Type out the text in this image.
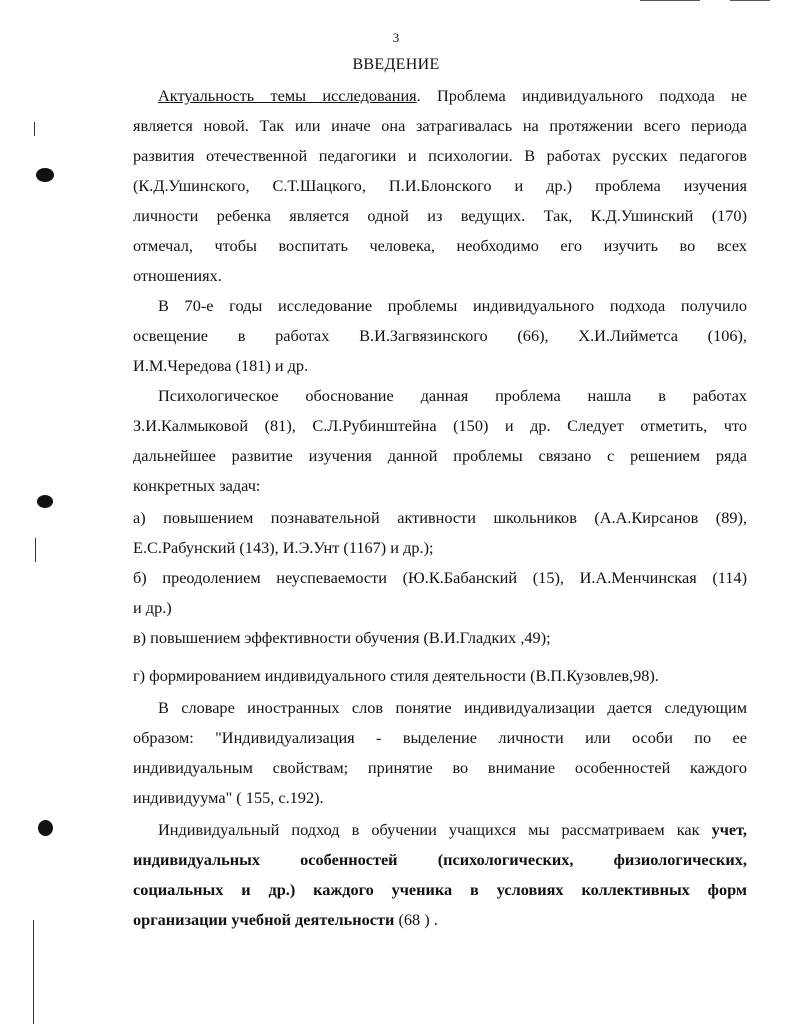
3
ВВЕДЕНИЕ
Актуальность темы исследования. Проблема индивидуального подхода не
является новой. Так или иначе она затрагивалась на протяжении всего периода
развития отечественной педагогики и психологии. В работах русских педагогов
(К.Д.Ушинского, С.Т.Шацкого, П.И.Блонского и др.) проблема изучения
личности ребенка является одной из ведущих. Так, К.Д.Ушинский (170)
отмечал, чтобы воспитать человека, необходимо его изучить во всех
отношениях.
В 70-е годы исследование проблемы индивидуального подхода получило
освещение в работах В.И.Загвязинского (66), Х.И.Лийметса (106),
И.М.Чередова (181) и др.
Психологическое обоснование данная проблема нашла в работах
З.И.Калмыковой (81), С.Л.Рубинштейна (150) и др. Следует отметить, что
дальнейшее развитие изучения данной проблемы связано с решением ряда
конкретных задач:
а) повышением познавательной активности школьников (А.А.Кирсанов (89),
Е.С.Рабунский (143), И.Э.Унт (1167) и др.);
б) преодолением неуспеваемости (Ю.К.Бабанский (15), И.А.Менчинская (114)
и др.)
в) повышением эффективности обучения (В.И.Гладких ,49);
г) формированием индивидуального стиля деятельности (В.П.Кузовлев,98).
В словаре иностранных слов понятие индивидуализации дается следующим
образом: "Индивидуализация - выделение личности или особи по ее
индивидуальным свойствам; принятие во внимание особенностей каждого
индивидуума" ( 155, с.192).
Индивидуальный подход в обучении учащихся мы рассматриваем как учет,
индивидуальных особенностей (психологических, физиологических,
социальных и др.) каждого ученика в условиях коллективных форм
организации учебной деятельности (68 ) .
